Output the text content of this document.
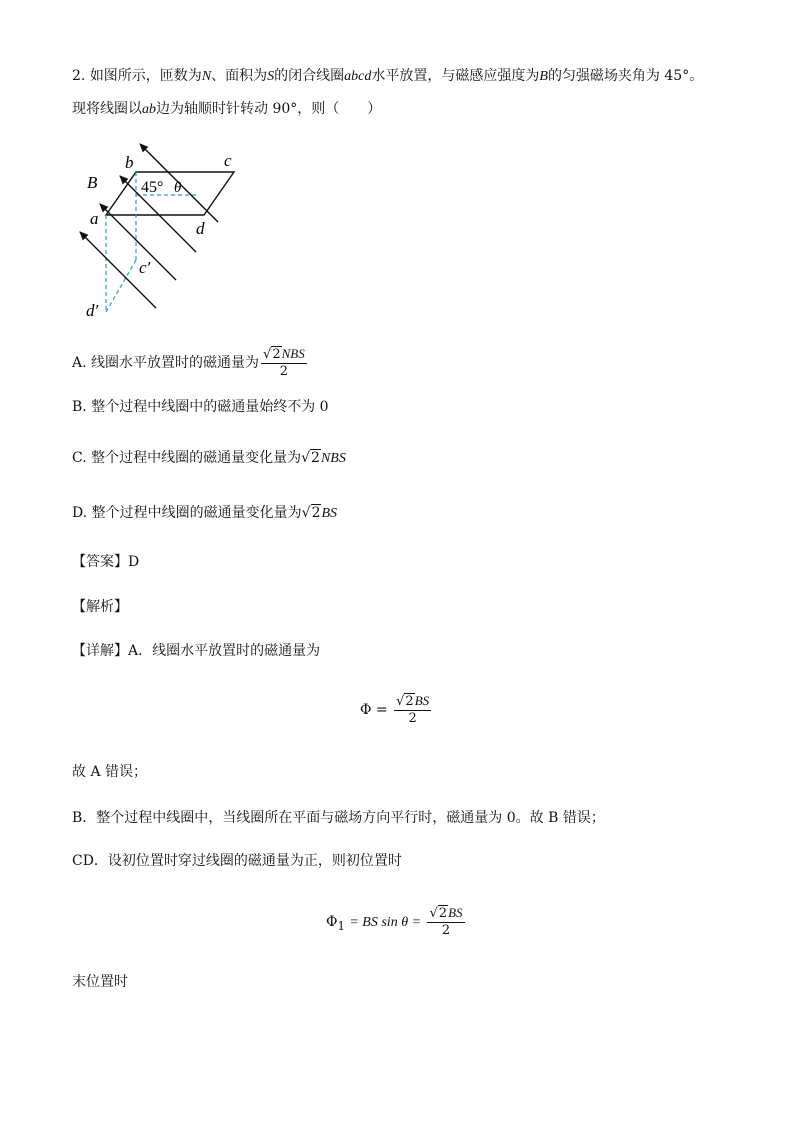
2. 如图所示，匝数为N、面积为S的闭合线圈abcd水平放置，与磁感应强度为B的匀强磁场夹角为 45°。
现将线圈以ab边为轴顺时针转动 90°，则（　　）
b	c
B
a
d
45° θ
c′
d′
A. 线圈水平放置时的磁通量为 $\frac{\text{√2NBS}}{2}$
B. 整个过程中线圈中的磁通量始终不为 0
C. 整个过程中线圈的磁通量变化量为√2NBS
D. 整个过程中线圈的磁通量变化量为√2BS
【答案】D
【解析】
【详解】A．线圈水平放置时的磁通量为
$\Phi = \frac{√2BS}{2}$
故 A 错误；
B．整个过程中线圈中，当线圈所在平面与磁场方向平行时，磁通量为 0。故 B 错误；
CD．设初位置时穿过线圈的磁通量为正，则初位置时
$\Phi_1$ = BS $\sin \theta = \frac{√2BS}{2}$
末位置时
